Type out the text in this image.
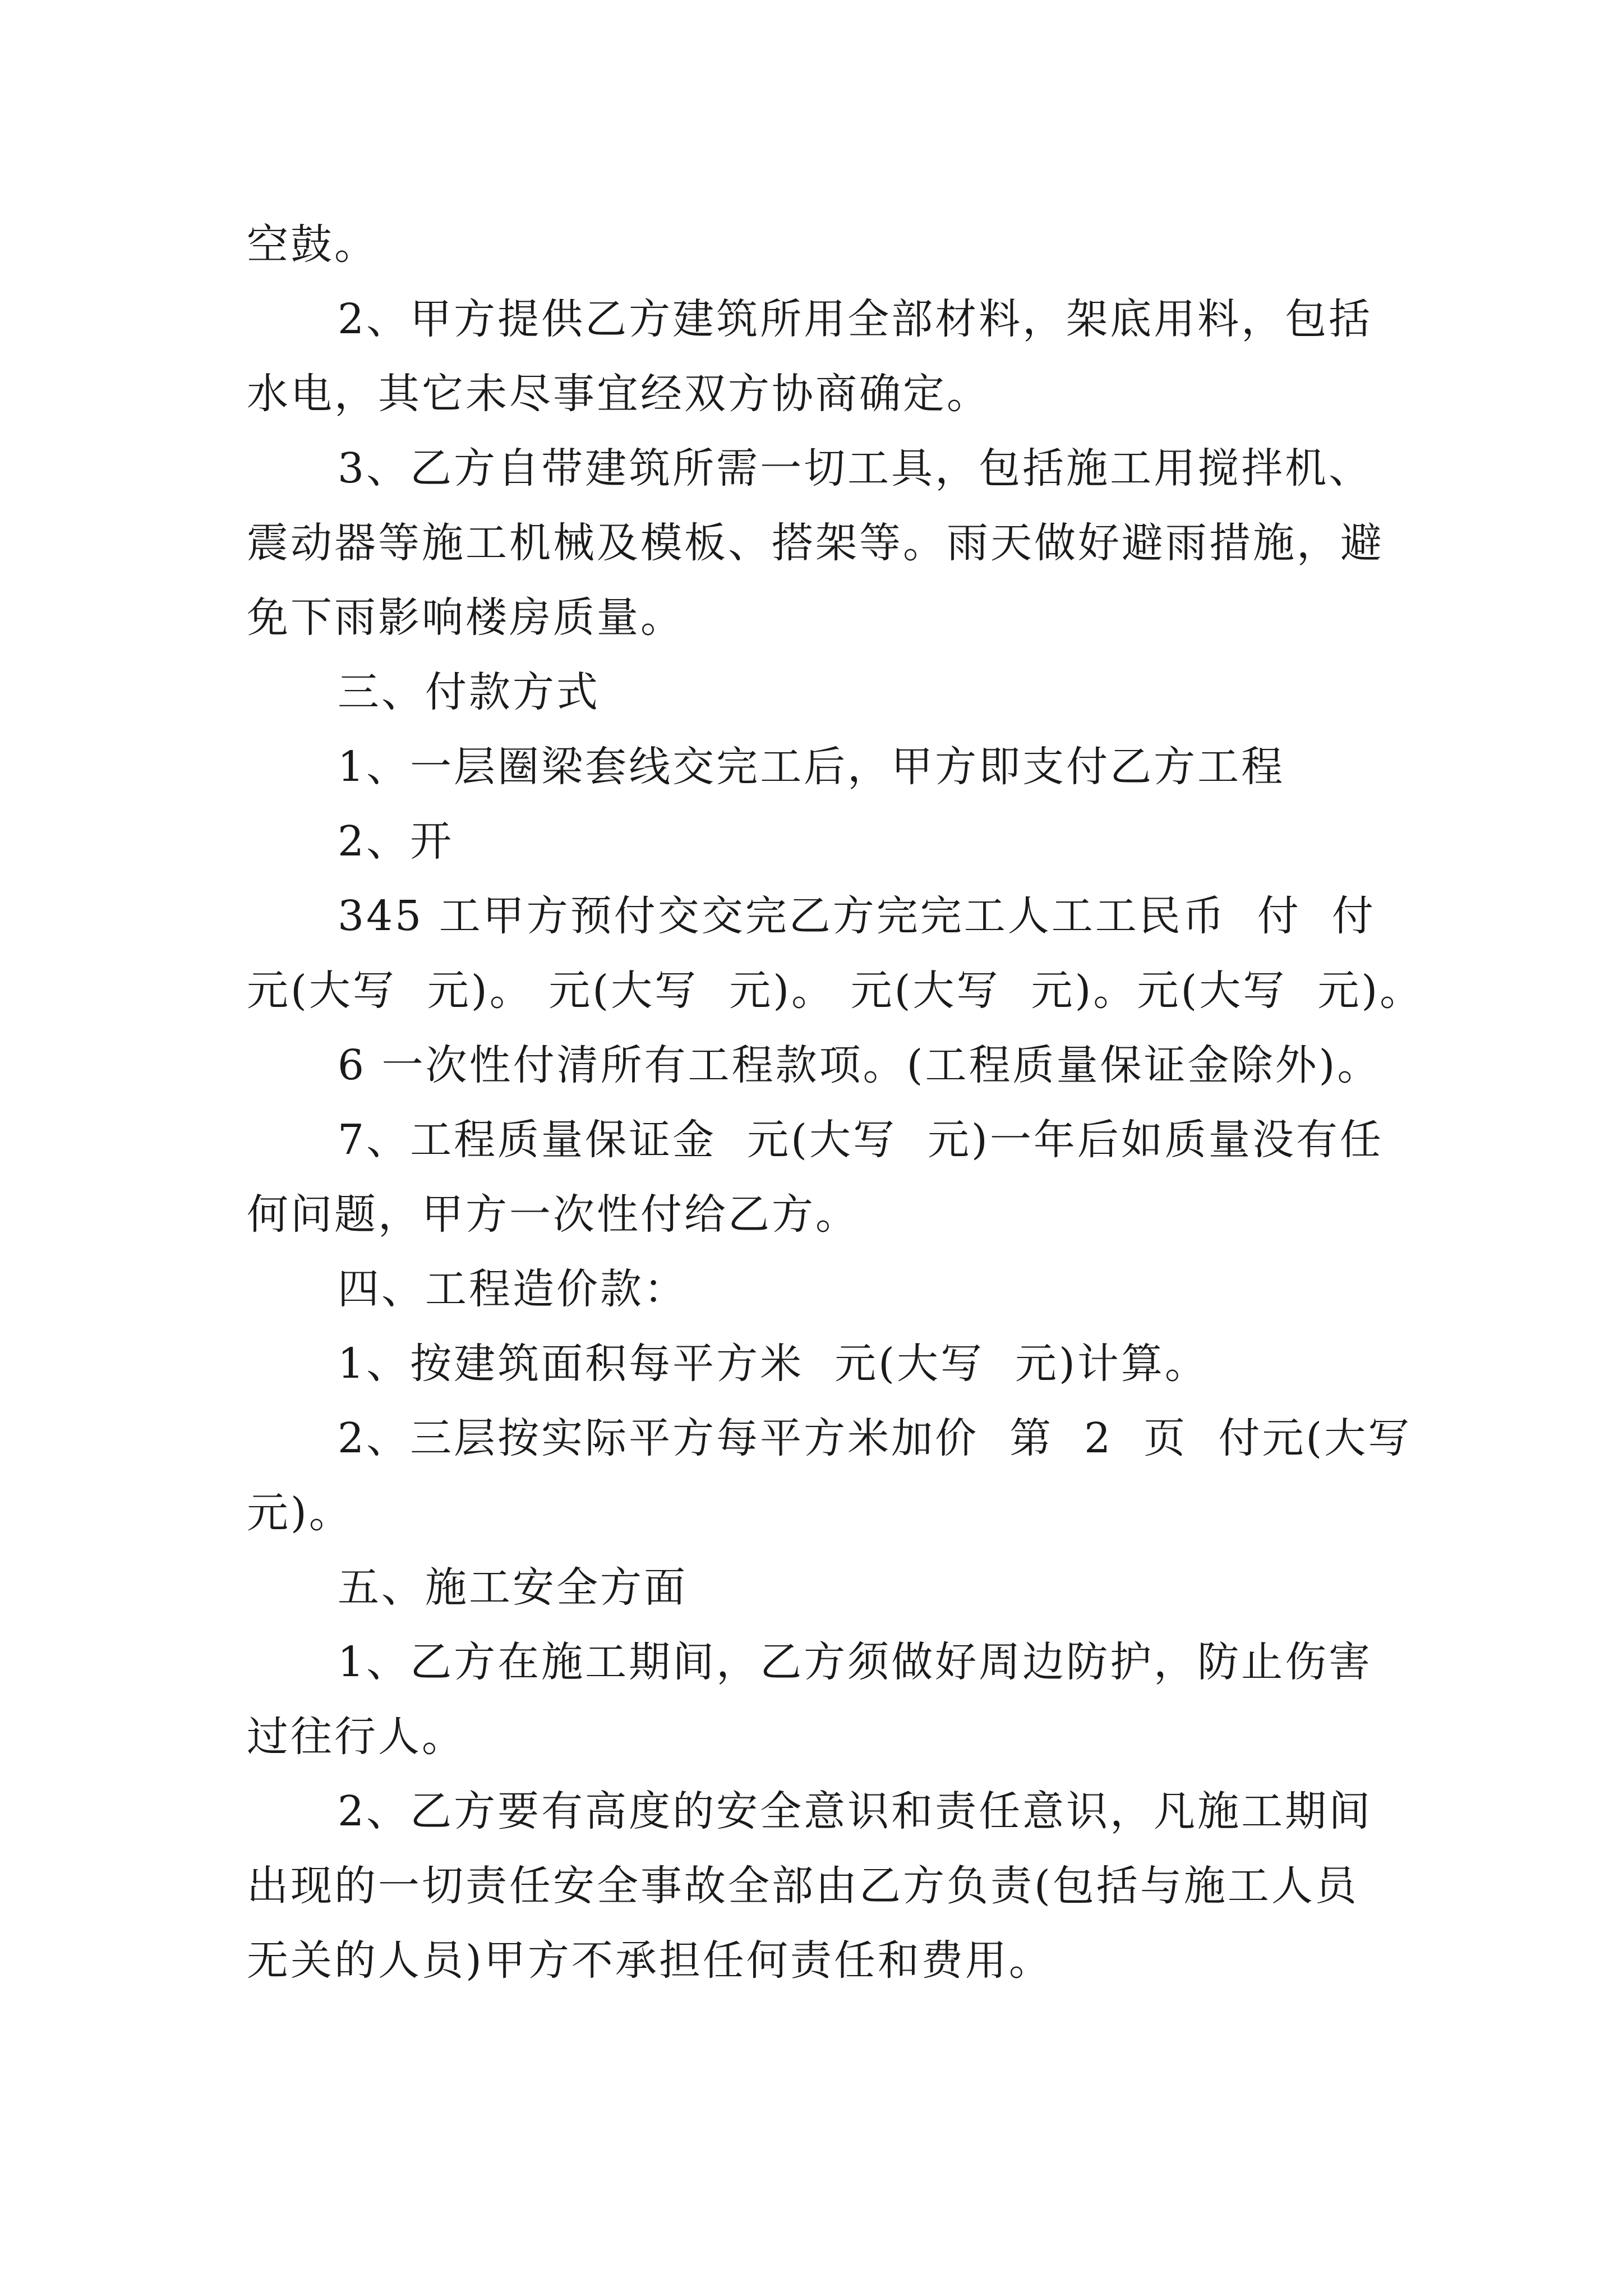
空鼓。

2、甲方提供乙方建筑所用全部材料，架底用料，包括

水电，其它未尽事宜经双方协商确定。

3、乙方自带建筑所需一切工具，包括施工用搅拌机、

震动器等施工机械及模板、搭架等。雨天做好避雨措施，避

免下雨影响楼房质量。

三、付款方式

1、一层圈梁套线交完工后，甲方即支付乙方工程

2、开

345 工甲方预付交交完乙方完完工人工工民币  付  付

元(大写  元)。 元(大写  元)。 元(大写  元)。元(大写  元)。

6 一次性付清所有工程款项。(工程质量保证金除外)。

7、工程质量保证金  元(大写  元)一年后如质量没有任

何问题，甲方一次性付给乙方。

四、工程造价款：

1、按建筑面积每平方米  元(大写  元)计算。

2、三层按实际平方每平方米加价  第  2  页  付元(大写

元)。

五、施工安全方面

1、乙方在施工期间，乙方须做好周边防护，防止伤害

过往行人。

2、乙方要有高度的安全意识和责任意识，凡施工期间

出现的一切责任安全事故全部由乙方负责(包括与施工人员

无关的人员)甲方不承担任何责任和费用。
